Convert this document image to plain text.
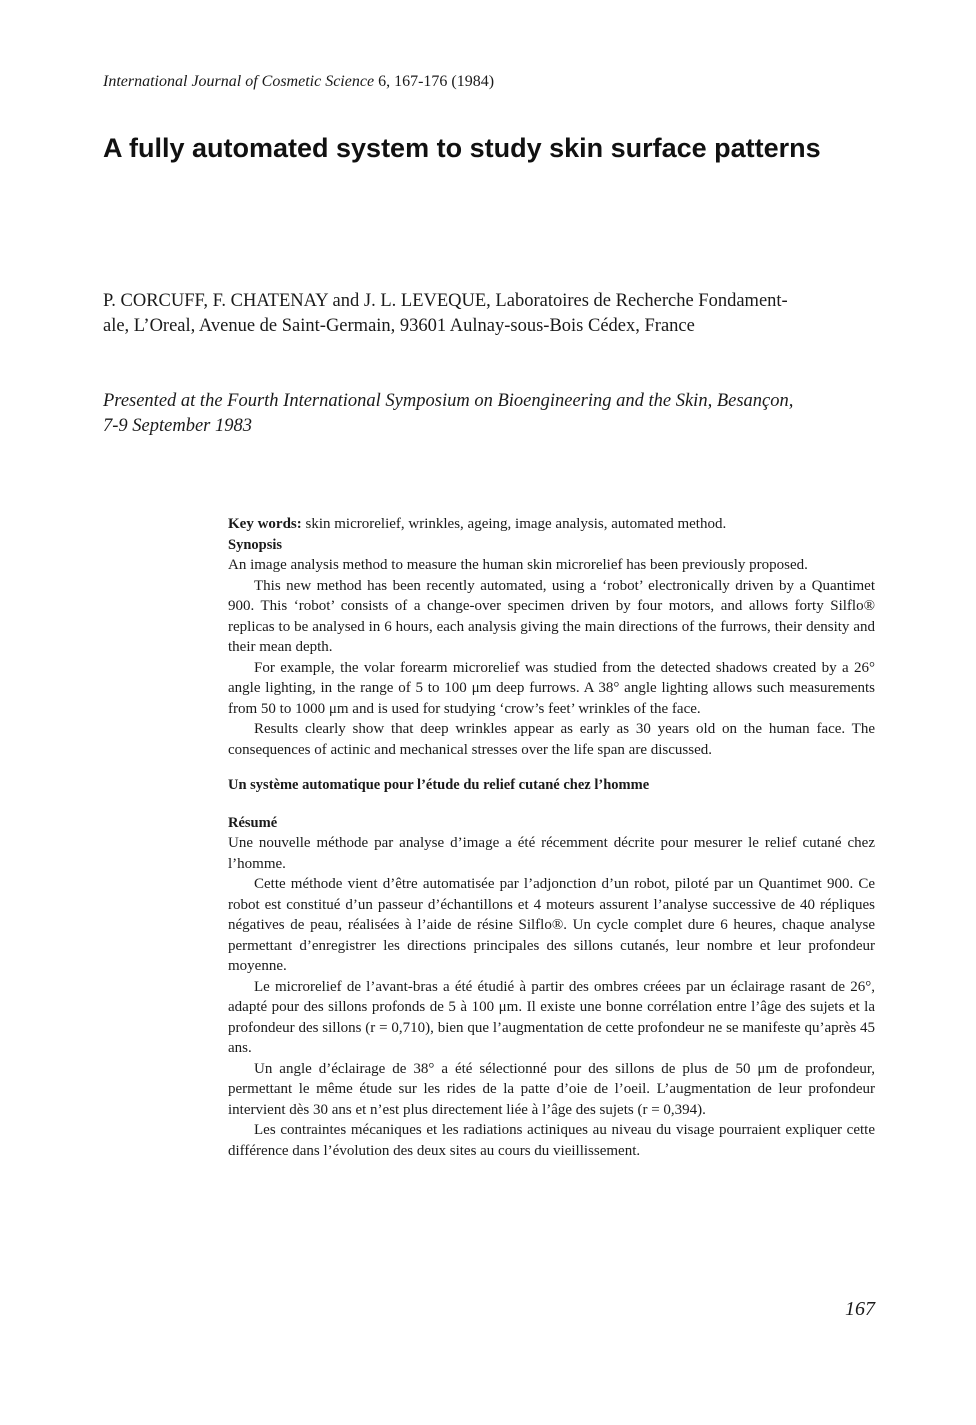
International Journal of Cosmetic Science 6, 167-176 (1984)
A fully automated system to study skin surface patterns
P. CORCUFF, F. CHATENAY and J. L. LEVEQUE, Laboratoires de Recherche Fondament-
ale, L’Oreal, Avenue de Saint-Germain, 93601 Aulnay-sous-Bois Cédex, France
Presented at the Fourth International Symposium on Bioengineering and the Skin, Besançon,
7-9 September 1983

Key words: skin microrelief, wrinkles, ageing, image analysis, automated method.

Synopsis

An image analysis method to measure the human skin microrelief has been previously proposed.

This new method has been recently automated, using a ‘robot’ electronically driven by a Quantimet 900. This ‘robot’ consists of a change-over specimen driven by four motors, and allows forty Silflo® replicas to be analysed in 6 hours, each analysis giving the main directions of the furrows, their density and their mean depth.

For example, the volar forearm microrelief was studied from the detected shadows created by a 26° angle lighting, in the range of 5 to 100 μm deep furrows. A 38° angle lighting allows such measurements from 50 to 1000 μm and is used for studying ‘crow’s feet’ wrinkles of the face.

Results clearly show that deep wrinkles appear as early as 30 years old on the human face. The consequences of actinic and mechanical stresses over the life span are discussed.

Un système automatique pour l’étude du relief cutané chez l’homme

Résumé

Une nouvelle méthode par analyse d’image a été récemment décrite pour mesurer le relief cutané chez l’homme.

Cette méthode vient d’être automatisée par l’adjonction d’un robot, piloté par un Quantimet 900. Ce robot est constitué d’un passeur d’échantillons et 4 moteurs assurent l’analyse successive de 40 répliques négatives de peau, réalisées à l’aide de résine Silflo®. Un cycle complet dure 6 heures, chaque analyse permettant d’enregistrer les directions principales des sillons cutanés, leur nombre et leur profondeur moyenne.

Le microrelief de l’avant-bras a été étudié à partir des ombres créees par un éclairage rasant de 26°, adapté pour des sillons profonds de 5 à 100 μm. Il existe une bonne corrélation entre l’âge des sujets et la profondeur des sillons (r = 0,710), bien que l’augmentation de cette profondeur ne se manifeste qu’après 45 ans.

Un angle d’éclairage de 38° a été sélectionné pour des sillons de plus de 50 μm de profondeur, permettant le même étude sur les rides de la patte d’oie de l’oeil. L’augmentation de leur profondeur intervient dès 30 ans et n’est plus directement liée à l’âge des sujets (r = 0,394).

Les contraintes mécaniques et les radiations actiniques au niveau du visage pourraient expliquer cette différence dans l’évolution des deux sites au cours du vieillissement.

167
